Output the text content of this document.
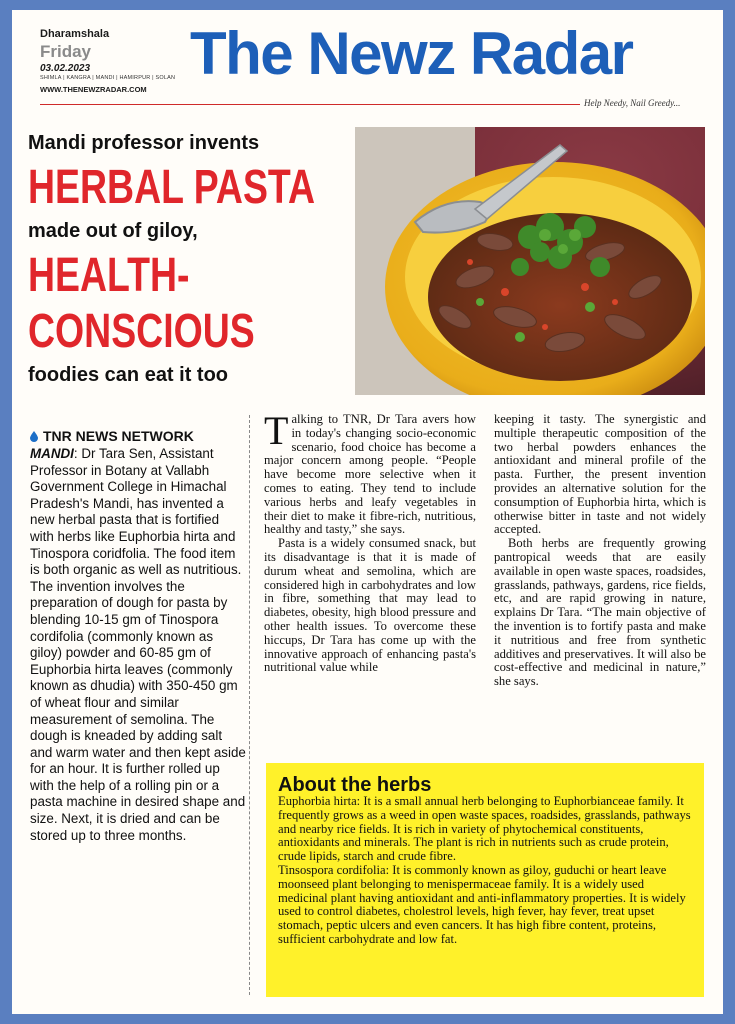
Dharamshala
Friday
03.02.2023
SHIMLA | KANGRA | MANDI | HAMIRPUR | SOLAN
WWW.THENEWZRADAR.COM
The Newz Radar
Help Needy, Nail Greedy...
Mandi professor invents
HERBAL PASTA
made out of giloy,
HEALTH-
CONSCIOUS
foodies can eat it too
TNR NEWS NETWORK
MANDI: Dr Tara Sen, Assistant Professor in Botany at Vallabh Government College in Himachal Pradesh's Mandi, has invented a new herbal pasta that is fortified with herbs like Euphorbia hirta and Tinospora coridfolia. The food item is both organic as well as nutritious. The invention involves the preparation of dough for pasta by blending 10-15 gm of Tinospora cordifolia (commonly known as giloy) powder and 60-85 gm of Euphorbia hirta leaves (commonly known as dhudia) with 350-450 gm of wheat flour and similar measurement of semolina. The dough is kneaded by adding salt and warm water and then kept aside for an hour. It is further rolled up with the help of a rolling pin or a pasta machine in desired shape and size. Next, it is dried and can be stored up to three months.

Talking to TNR, Dr Tara avers how in today's changing socio-economic scenario, food choice has become a major concern among people. “People have become more selective when it comes to eating. They tend to include various herbs and leafy vegetables in their diet to make it fibre-rich, nutritious, healthy and tasty,” she says.

Pasta is a widely consumed snack, but its disadvantage is that it is made of durum wheat and semolina, which are considered high in carbohydrates and low in fibre, something that may lead to diabetes, obesity, high blood pressure and other health issues. To overcome these hiccups, Dr Tara has come up with the innovative approach of enhancing pasta's nutritional value while

keeping it tasty. The synergistic and multiple therapeutic composition of the two herbal powders enhances the antioxidant and mineral profile of the pasta. Further, the present invention provides an alternative solution for the consumption of Euphorbia hirta, which is otherwise bitter in taste and not widely accepted.

Both herbs are frequently growing pantropical weeds that are easily available in open waste spaces, roadsides, grasslands, pathways, gardens, rice fields, etc, and are rapid growing in nature, explains Dr Tara. “The main objective of the invention is to fortify pasta and make it nutritious and free from synthetic additives and preservatives. It will also be cost-effective and medicinal in nature,” she says.

About the herbs

Euphorbia hirta: It is a small annual herb belonging to Euphorbianceae family. It frequently grows as a weed in open waste spaces, roadsides, grasslands, pathways and nearby rice fields. It is rich in variety of phytochemical constituents, antioxidants and minerals. The plant is rich in nutrients such as crude protein, crude lipids, starch and crude fibre.

Tinsospora cordifolia: It is commonly known as giloy, guduchi or heart leave moonseed plant belonging to menispermaceae family. It is a widely used medicinal plant having antioxidant and anti-inflammatory properties. It is widely used to control diabetes, cholestrol levels, high fever, hay fever, treat upset stomach, peptic ulcers and even cancers. It has high fibre content, proteins, sufficient carbohydrate and low fat.
